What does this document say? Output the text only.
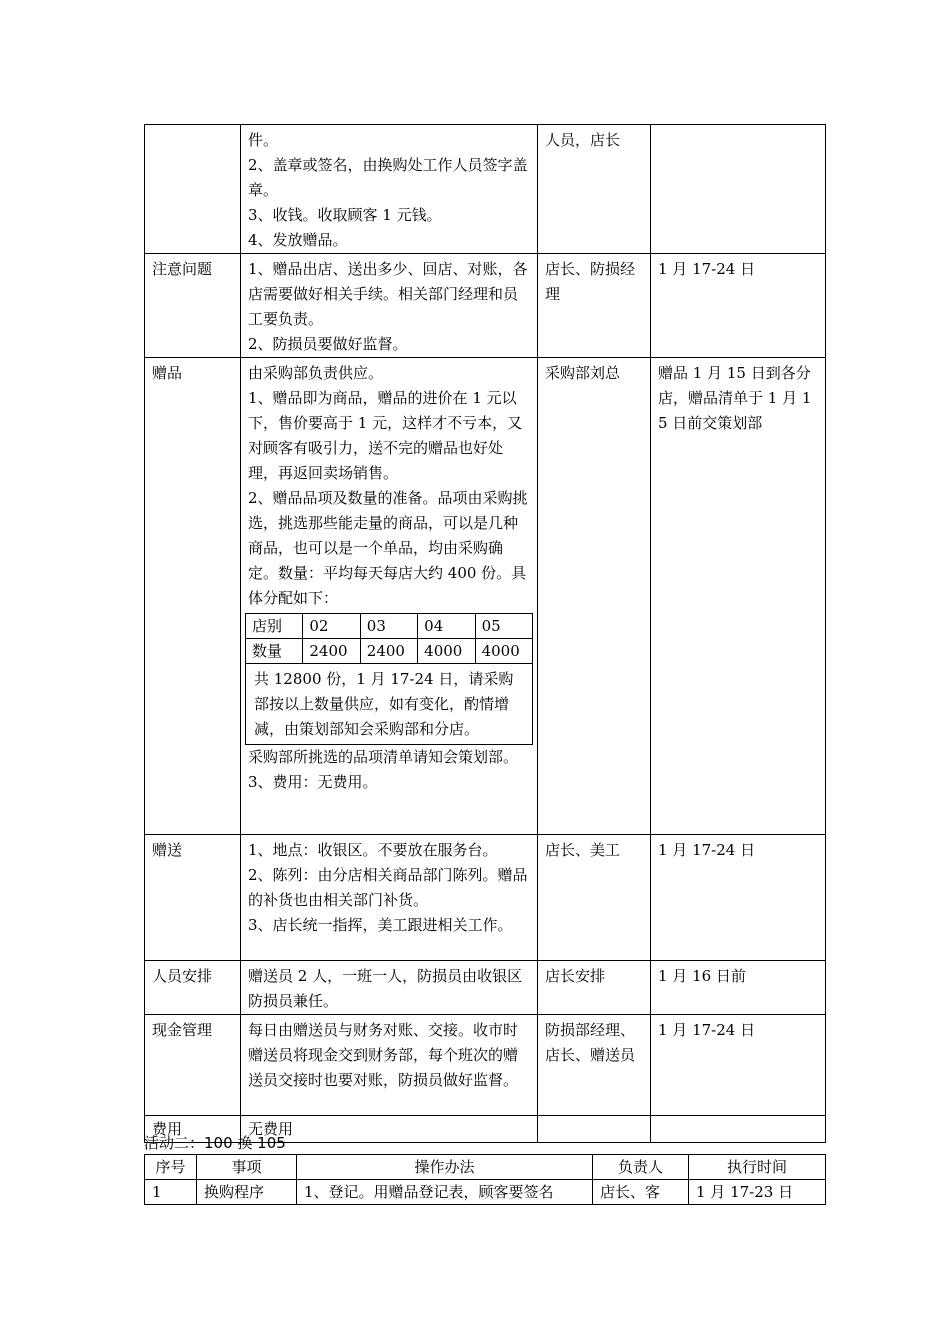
件。
2、盖章或签名，由换购处工作人员签字盖章。
3、收钱。收取顾客 1 元钱。
4、发放赠品。
	人员，店长	
注意问题	1、赠品出店、送出多少、回店、对账，各店需要做好相关手续。相关部门经理和员工要负责。
2、防损员要做好监督。
	店长、防损经理	1 月 17-24 日
赠品	由采购部负责供应。
1、赠品即为商品，赠品的进价在 1 元以下，售价要高于 1 元，这样才不亏本，又对顾客有吸引力，送不完的赠品也好处理，再返回卖场销售。
2、赠品品项及数量的准备。品项由采购挑选，挑选那些能走量的商品，可以是几种商品，也可以是一个单品，均由采购确定。数量：平均每天每店大约 400 份。具体分配如下：
店别	02	03	04	05
数量	2400	2400	4000	4000
共 12800 份，1 月 17-24 日，请采购部按以上数量供应，如有变化，酌情增减，由策划部知会采购部和分店。
采购部所挑选的品项清单请知会策划部。
3、费用：无费用。
	采购部刘总	赠品 1 月 15 日到各分店，赠品清单于 1 月 15 日前交策划部
赠送	1、地点：收银区。不要放在服务台。
2、陈列：由分店相关商品部门陈列。赠品的补货也由相关部门补货。
3、店长统一指挥，美工跟进相关工作。
	店长、美工	1 月 17-24 日
人员安排	赠送员 2 人，一班一人，防损员由收银区防损员兼任。
	店长安排	1 月 16 日前
现金管理	每日由赠送员与财务对账、交接。收市时赠送员将现金交到财务部，每个班次的赠送员交接时也要对账，防损员做好监督。
	防损部经理、店长、赠送员	1 月 17-24 日
费用	无费用

活动二：100 换 105
序号	事项	操作办法	负责人	执行时间
1	换购程序	1、登记。用赠品登记表，顾客要签名	店长、客	1 月 17-23 日
